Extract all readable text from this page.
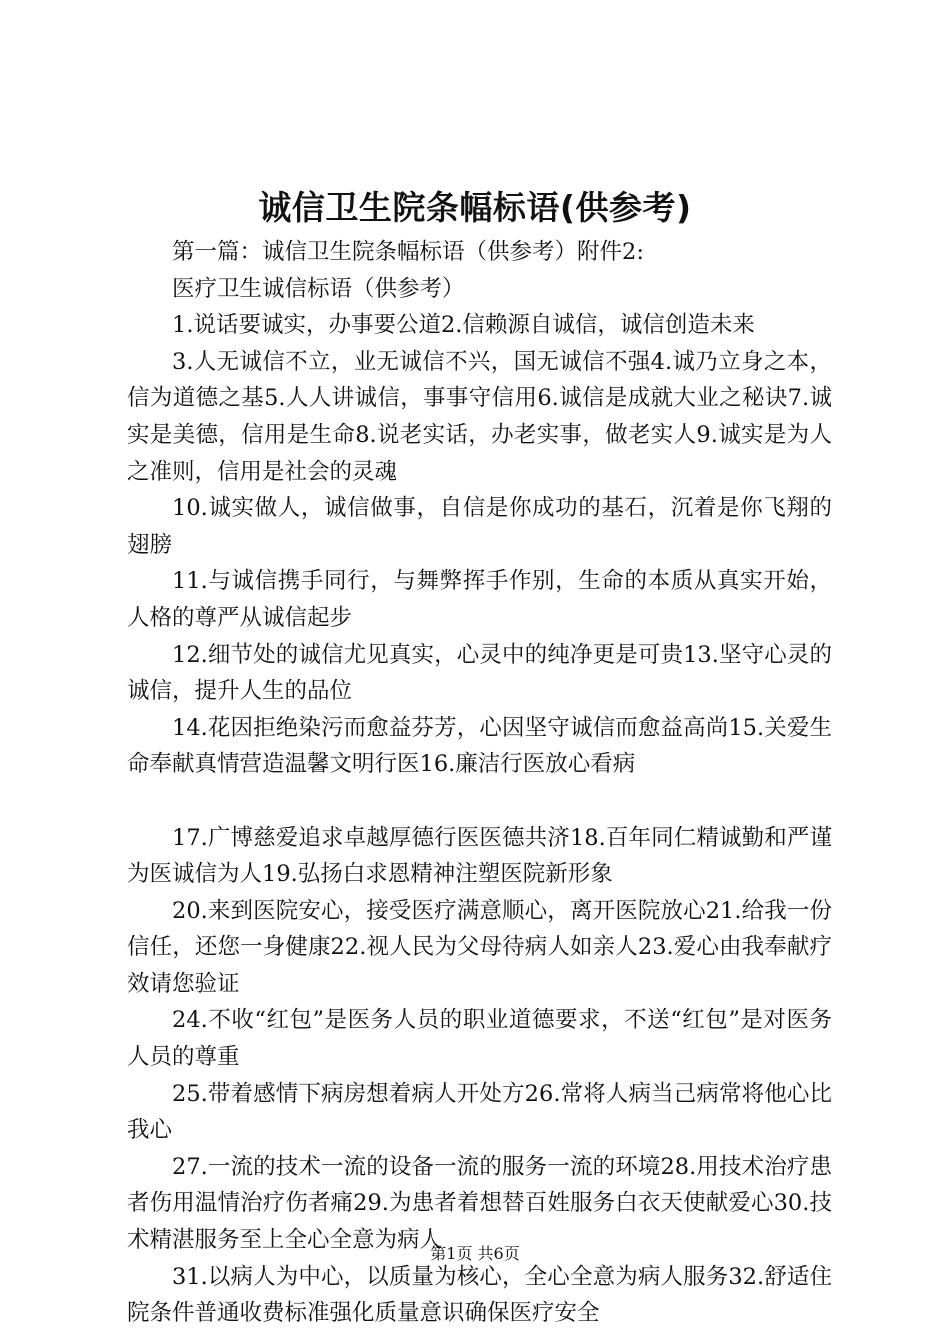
诚信卫生院条幅标语(供参考)

第一篇：诚信卫生院条幅标语（供参考）附件2:

医疗卫生诚信标语（供参考）

1.说话要诚实，办事要公道2.信赖源自诚信，诚信创造未来

3.人无诚信不立，业无诚信不兴，国无诚信不强4.诚乃立身之本，信为道德之基5.人人讲诚信，事事守信用6.诚信是成就大业之秘诀7.诚实是美德，信用是生命8.说老实话，办老实事，做老实人9.诚实是为人之准则，信用是社会的灵魂

10.诚实做人，诚信做事，自信是你成功的基石，沉着是你飞翔的翅膀

11.与诚信携手同行，与舞弊挥手作别，生命的本质从真实开始，人格的尊严从诚信起步

12.细节处的诚信尤见真实，心灵中的纯净更是可贵13.坚守心灵的诚信，提升人生的品位

14.花因拒绝染污而愈益芬芳，心因坚守诚信而愈益高尚15.关爱生命奉献真情营造温馨文明行医16.廉洁行医放心看病

17.广博慈爱追求卓越厚德行医医德共济18.百年同仁精诚勤和严谨为医诚信为人19.弘扬白求恩精神注塑医院新形象

20.来到医院安心，接受医疗满意顺心，离开医院放心21.给我一份信任，还您一身健康22.视人民为父母待病人如亲人23.爱心由我奉献疗效请您验证

24.不收“红包”是医务人员的职业道德要求，不送“红包”是对医务人员的尊重

25.带着感情下病房想着病人开处方26.常将人病当己病常将他心比我心

27.一流的技术一流的设备一流的服务一流的环境28.用技术治疗患者伤用温情治疗伤者痛29.为患者着想替百姓服务白衣天使献爱心30.技术精湛服务至上全心全意为病人

31.以病人为中心，以质量为核心，全心全意为病人服务32.舒适住院条件普通收费标准强化质量意识确保医疗安全

第1页 共6页
